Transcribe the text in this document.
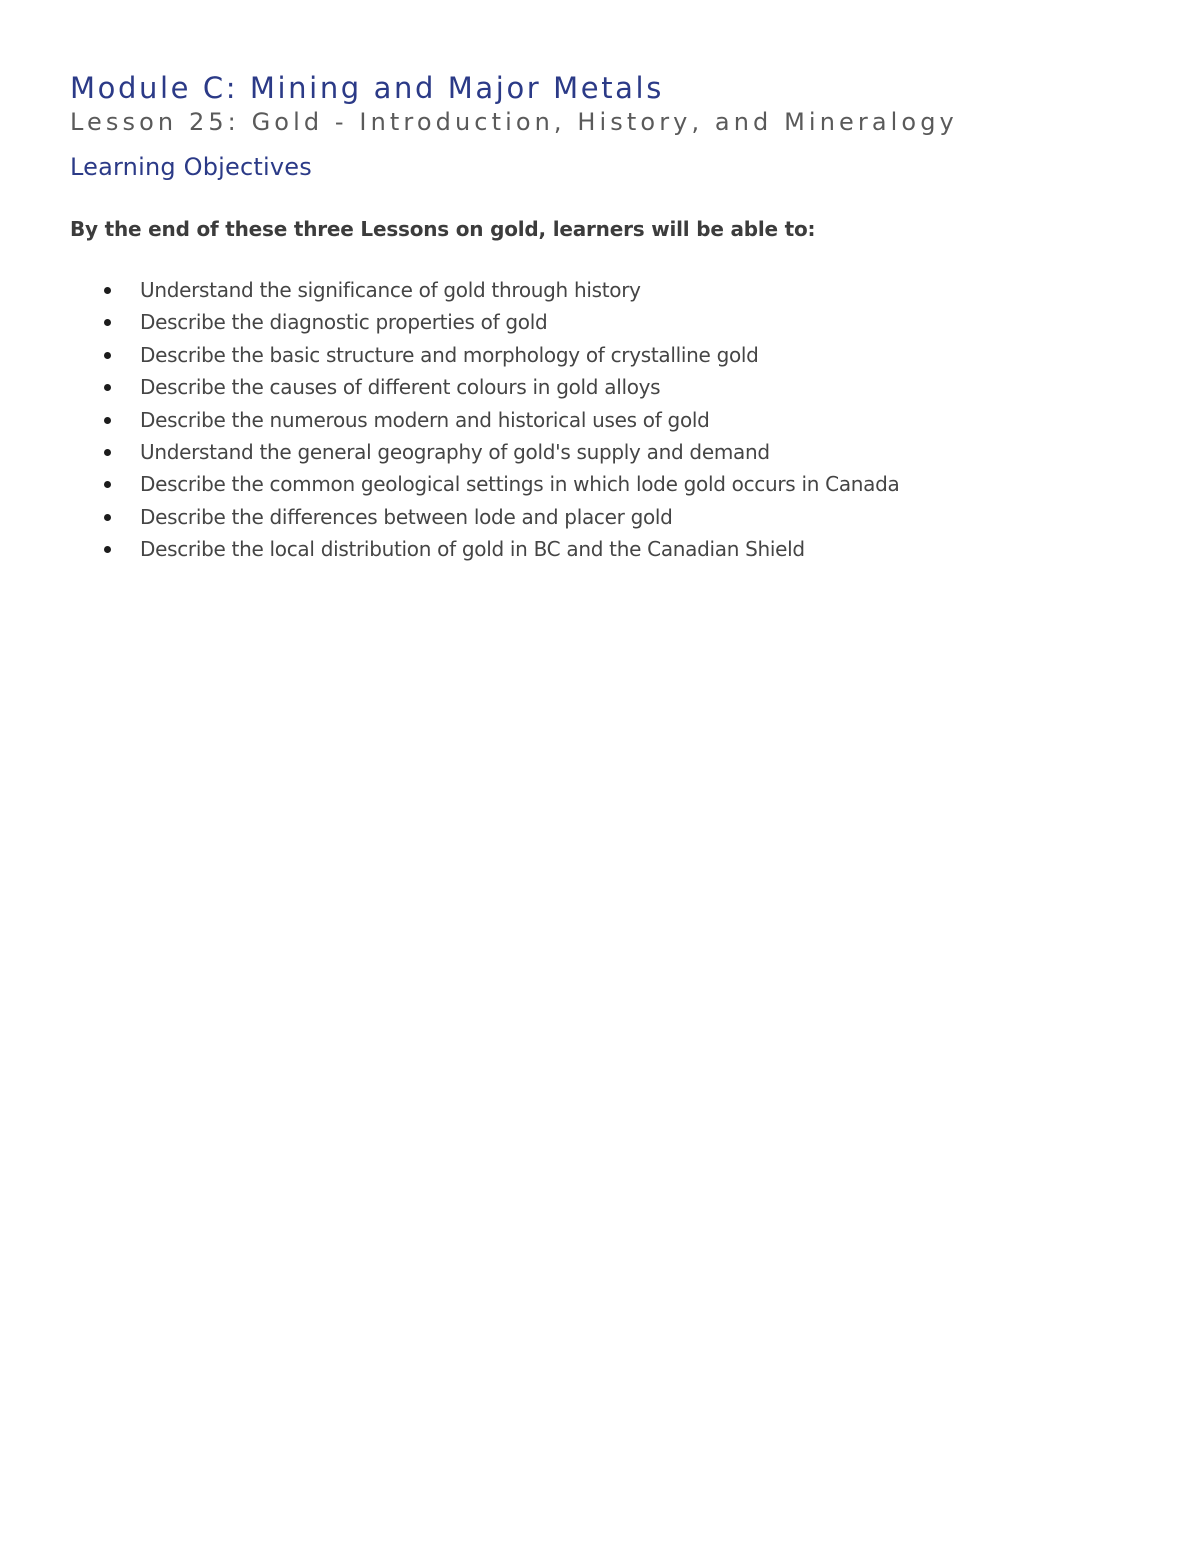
Module C: Mining and Major Metals
Lesson 25: Gold - Introduction, History, and Mineralogy
Learning Objectives

By the end of these three Lessons on gold, learners will be able to:

Understand the significance of gold through history
Describe the diagnostic properties of gold
Describe the basic structure and morphology of crystalline gold
Describe the causes of different colours in gold alloys
Describe the numerous modern and historical uses of gold
Understand the general geography of gold's supply and demand
Describe the common geological settings in which lode gold occurs in Canada
Describe the differences between lode and placer gold
Describe the local distribution of gold in BC and the Canadian Shield
